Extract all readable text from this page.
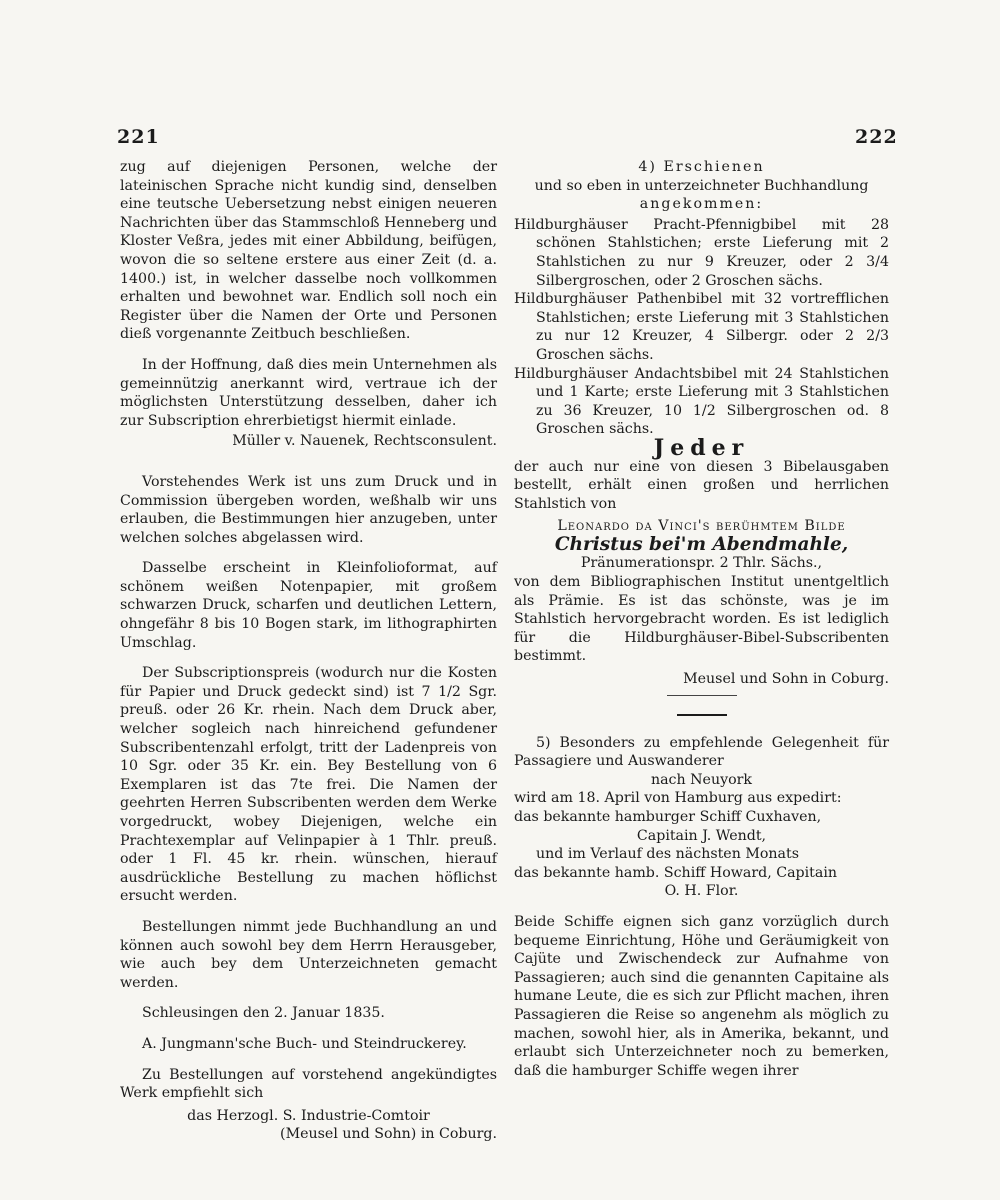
221	222

zug auf diejenigen Personen, welche der lateinischen Sprache nicht kundig sind, denselben eine teutsche Uebersetzung nebst einigen neueren Nachrichten über das Stammschloß Henneberg und Kloster Veßra, jedes mit einer Abbildung, beifügen, wovon die so seltene erstere aus einer Zeit (d. a. 1400.) ist, in welcher dasselbe noch vollkommen erhalten und bewohnet war. Endlich soll noch ein Register über die Namen der Orte und Personen dieß vorgenannte Zeitbuch beschließen.

In der Hoffnung, daß dies mein Unternehmen als gemeinnützig anerkannt wird, vertraue ich der möglichsten Unterstützung desselben, daher ich zur Subscription ehrerbietigst hiermit einlade.

Müller v. Nauenek, Rechtsconsulent.

Vorstehendes Werk ist uns zum Druck und in Commission übergeben worden, weßhalb wir uns erlauben, die Bestimmungen hier anzugeben, unter welchen solches abgelassen wird.

Dasselbe erscheint in Kleinfolioformat, auf schönem weißen Notenpapier, mit großem schwarzen Druck, scharfen und deutlichen Lettern, ohngefähr 8 bis 10 Bogen stark, im lithographirten Umschlag.

Der Subscriptionspreis (wodurch nur die Kosten für Papier und Druck gedeckt sind) ist 7 1/2 Sgr. preuß. oder 26 Kr. rhein. Nach dem Druck aber, welcher sogleich nach hinreichend gefundener Subscribentenzahl erfolgt, tritt der Ladenpreis von 10 Sgr. oder 35 Kr. ein. Bey Bestellung von 6 Exemplaren ist das 7te frei. Die Namen der geehrten Herren Subscribenten werden dem Werke vorgedruckt, wobey Diejenigen, welche ein Prachtexemplar auf Velinpapier à 1 Thlr. preuß. oder 1 Fl. 45 kr. rhein. wünschen, hierauf ausdrückliche Bestellung zu machen höflichst ersucht werden.

Bestellungen nimmt jede Buchhandlung an und können auch sowohl bey dem Herrn Herausgeber, wie auch bey dem Unterzeichneten gemacht werden.

Schleusingen den 2. Januar 1835.

A. Jungmann'sche Buch- und Steindruckerey.

Zu Bestellungen auf vorstehend angekündigtes Werk empfiehlt sich

das Herzogl. S. Industrie-Comtoir

(Meusel und Sohn) in Coburg.

4) Erschienen

und so eben in unterzeichneter Buchhandlung

angekommen:

Hildburghäuser Pracht-Pfennigbibel mit 28 schönen Stahlstichen; erste Lieferung mit 2 Stahlstichen zu nur 9 Kreuzer, oder 2 3/4 Silbergroschen, oder 2 Groschen sächs.

Hildburghäuser Pathenbibel mit 32 vortrefflichen Stahlstichen; erste Lieferung mit 3 Stahlstichen zu nur 12 Kreuzer, 4 Silbergr. oder 2 2/3 Groschen sächs.

Hildburghäuser Andachtsbibel mit 24 Stahlstichen und 1 Karte; erste Lieferung mit 3 Stahlstichen zu 36 Kreuzer, 10 1/2 Silbergroschen od. 8 Groschen sächs.

Jeder

der auch nur eine von diesen 3 Bibelausgaben bestellt, erhält einen großen und herrlichen Stahlstich von

Leonardo da Vinci's berühmtem Bilde

Christus bei'm Abendmahle,

Pränumerationspr. 2 Thlr. Sächs.,

von dem Bibliographischen Institut unentgeltlich als Prämie. Es ist das schönste, was je im Stahlstich hervorgebracht worden. Es ist lediglich für die Hildburghäuser-Bibel-Subscribenten bestimmt.

Meusel und Sohn in Coburg.

5) Besonders zu empfehlende Gelegenheit für Passagiere und Auswanderer

nach Neuyork

wird am 18. April von Hamburg aus expedirt:

das bekannte hamburger Schiff Cuxhaven,

Capitain J. Wendt,

und im Verlauf des nächsten Monats

das bekannte hamb. Schiff Howard, Capitain

O. H. Flor.

Beide Schiffe eignen sich ganz vorzüglich durch bequeme Einrichtung, Höhe und Geräumigkeit von Cajüte und Zwischendeck zur Aufnahme von Passagieren; auch sind die genannten Capitaine als humane Leute, die es sich zur Pflicht machen, ihren Passagieren die Reise so angenehm als möglich zu machen, sowohl hier, als in Amerika, bekannt, und erlaubt sich Unterzeichneter noch zu bemerken, daß die hamburger Schiffe wegen ihrer
